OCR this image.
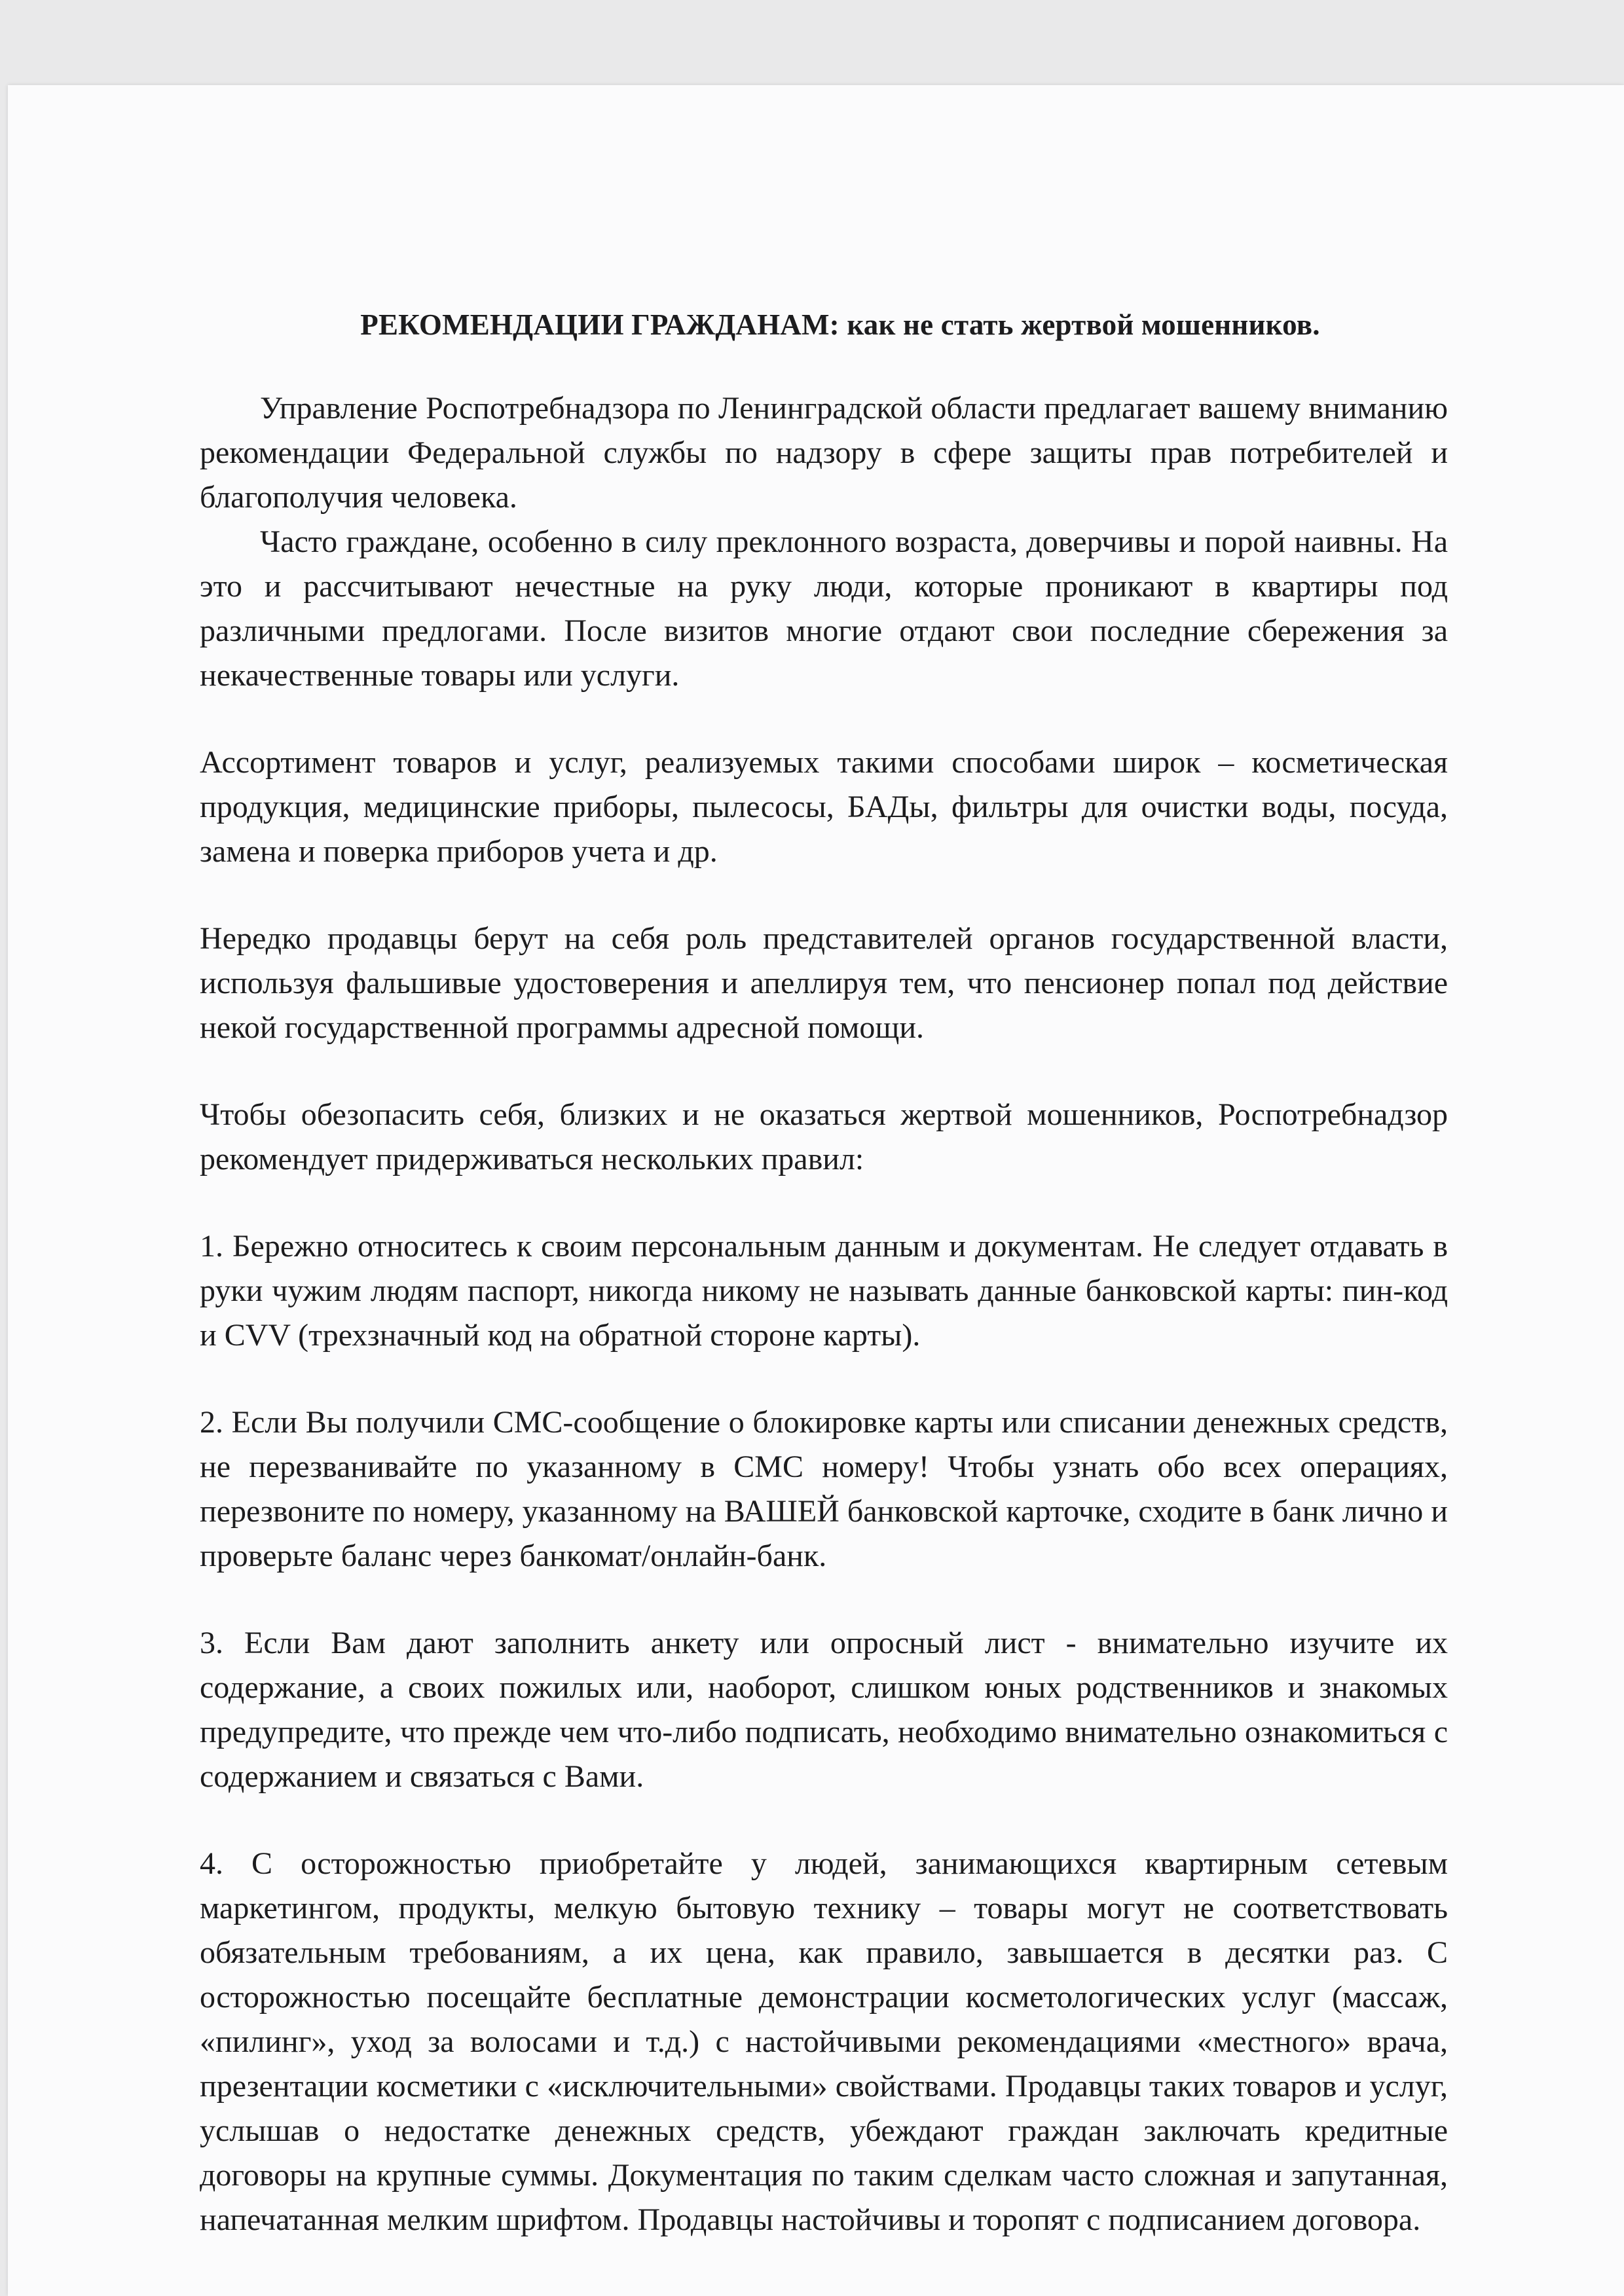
РЕКОМЕНДАЦИИ ГРАЖДАНАМ: как не стать жертвой мошенников.

Управление Роспотребнадзора по Ленинградской области предлагает вашему вниманию рекомендации Федеральной службы по надзору в сфере защиты прав потребителей и благополучия человека.

Часто граждане, особенно в силу преклонного возраста, доверчивы и порой наивны. На это и рассчитывают нечестные на руку люди, которые проникают в квартиры под различными предлогами. После визитов многие отдают свои последние сбережения за некачественные товары или услуги.

Ассортимент товаров и услуг, реализуемых такими способами широк – косметическая продукция, медицинские приборы, пылесосы, БАДы, фильтры для очистки воды, посуда, замена и поверка приборов учета и др.

Нередко продавцы берут на себя роль представителей органов государственной власти, используя фальшивые удостоверения и апеллируя тем, что пенсионер попал под действие некой государственной программы адресной помощи.

Чтобы обезопасить себя, близких и не оказаться жертвой мошенников, Роспотребнадзор рекомендует придерживаться нескольких правил:

1. Бережно относитесь к своим персональным данным и документам. Не следует отдавать в руки чужим людям паспорт, никогда никому не называть данные банковской карты: пин-код и CVV (трехзначный код на обратной стороне карты).

2. Если Вы получили СМС-сообщение о блокировке карты или списании денежных средств, не перезванивайте по указанному в СМС номеру! Чтобы узнать обо всех операциях, перезвоните по номеру, указанному на ВАШЕЙ банковской карточке, сходите в банк лично и проверьте баланс через банкомат/онлайн-банк.

3. Если Вам дают заполнить анкету или опросный лист - внимательно изучите их содержание, а своих пожилых или, наоборот, слишком юных родственников и знакомых предупредите, что прежде чем что-либо подписать, необходимо внимательно ознакомиться с содержанием и связаться с Вами.

4. С осторожностью приобретайте у людей, занимающихся квартирным сетевым маркетингом, продукты, мелкую бытовую технику – товары могут не соответствовать обязательным требованиям, а их цена, как правило, завышается в десятки раз. С осторожностью посещайте бесплатные демонстрации косметологических услуг (массаж, «пилинг», уход за волосами и т.д.) с настойчивыми рекомендациями «местного» врача, презентации косметики с «исключительными» свойствами. Продавцы таких товаров и услуг, услышав о недостатке денежных средств, убеждают граждан заключать кредитные договоры на крупные суммы. Документация по таким сделкам часто сложная и запутанная, напечатанная мелким шрифтом. Продавцы настойчивы и торопят с подписанием договора.
